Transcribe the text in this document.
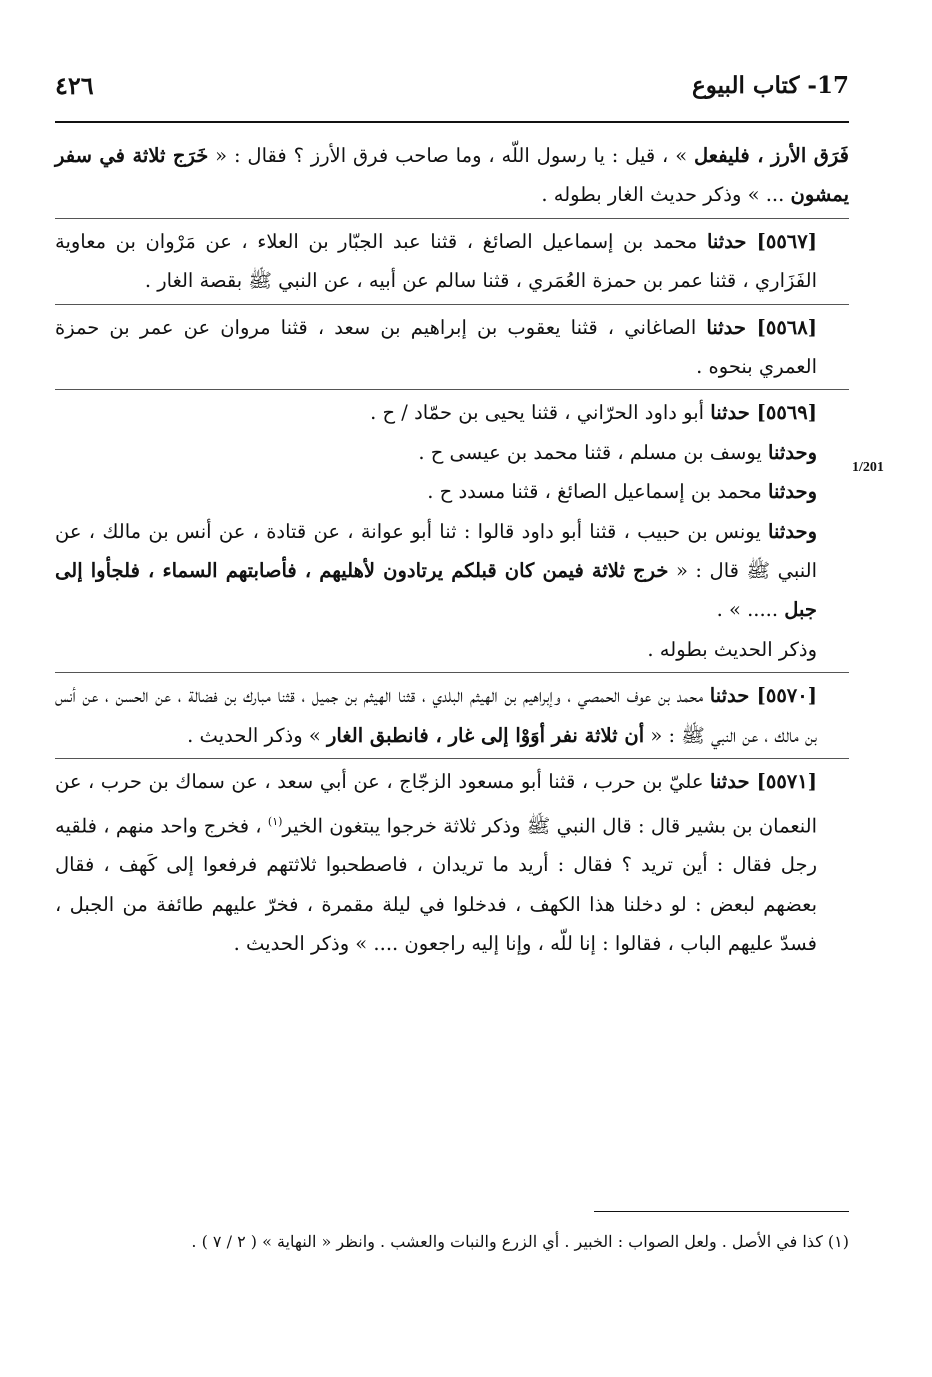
٤٢٦	17- كتاب البيوع
1/201

فَرَق الأرز ، فليفعل » ، قيل : يا رسول اللّه ، وما صاحب فرق الأرز ؟ فقال : « خَرَج ثلاثة في سفر يمشون ... » وذكر حديث الغار بطوله .

[٥٥٦٧] حدثنا محمد بن إسماعيل الصائغ ، قثنا عبد الجبّار بن العلاء ، عن مَرْوان بن معاوية الفَزَاري ، قثنا عمر بن حمزة العُمَري ، قثنا سالم عن أبيه ، عن النبي ﷺ بقصة الغار .

[٥٥٦٨] حدثنا الصاغاني ، قثنا يعقوب بن إبراهيم بن سعد ، قثنا مروان عن عمر بن حمزة العمري بنحوه .

[٥٥٦٩] حدثنا أبو داود الحرّاني ، قثنا يحيى بن حمّاد / ح .

وحدثنا يوسف بن مسلم ، قثنا محمد بن عيسى ح .

وحدثنا محمد بن إسماعيل الصائغ ، قثنا مسدد ح .

وحدثنا يونس بن حبيب ، قثنا أبو داود قالوا : ثنا أبو عوانة ، عن قتادة ، عن أنس بن مالك ، عن النبي ﷺ قال : « خرج ثلاثة فيمن كان قبلكم يرتادون لأهليهم ، فأصابتهم السماء ، فلجأوا إلى جبل ..... » .

وذكر الحديث بطوله .

[٥٥٧٠] حدثنا محمد بن عوف الحمصي ، وإبراهيم بن الهيثم البلدي ، قثنا الهيثم بن جميل ، قثنا مبارك بن فضالة ، عن الحسن ، عن أنس بن مالك ، عن النبي ﷺ : « أن ثلاثة نفر أوَوْا إلى غار ، فانطبق الغار » وذكر الحديث .

[٥٥٧١] حدثنا عليّ بن حرب ، قثنا أبو مسعود الزجّاج ، عن أبي سعد ، عن سماك بن حرب ، عن النعمان بن بشير قال : قال النبي ﷺ وذكر ثلاثة خرجوا يبتغون الخير$^{(١)}$ ، فخرج واحد منهم ، فلقيه رجل فقال : أين تريد ؟ فقال : أريد ما تريدان ، فاصطحبوا ثلاثتهم فرفعوا إلى كَهف ، فقال بعضهم لبعض : لو دخلنا هذا الكهف ، فدخلوا في ليلة مقمرة ، فخرّ عليهم طائفة من الجبل ، فسدّ عليهم الباب ، فقالوا : إنا للّه ، وإنا إليه راجعون .... » وذكر الحديث .

(١) كذا في الأصل . ولعل الصواب : الخبير . أي الزرع والنبات والعشب . وانظر « النهاية » ( ٢ / ٧ ) .
